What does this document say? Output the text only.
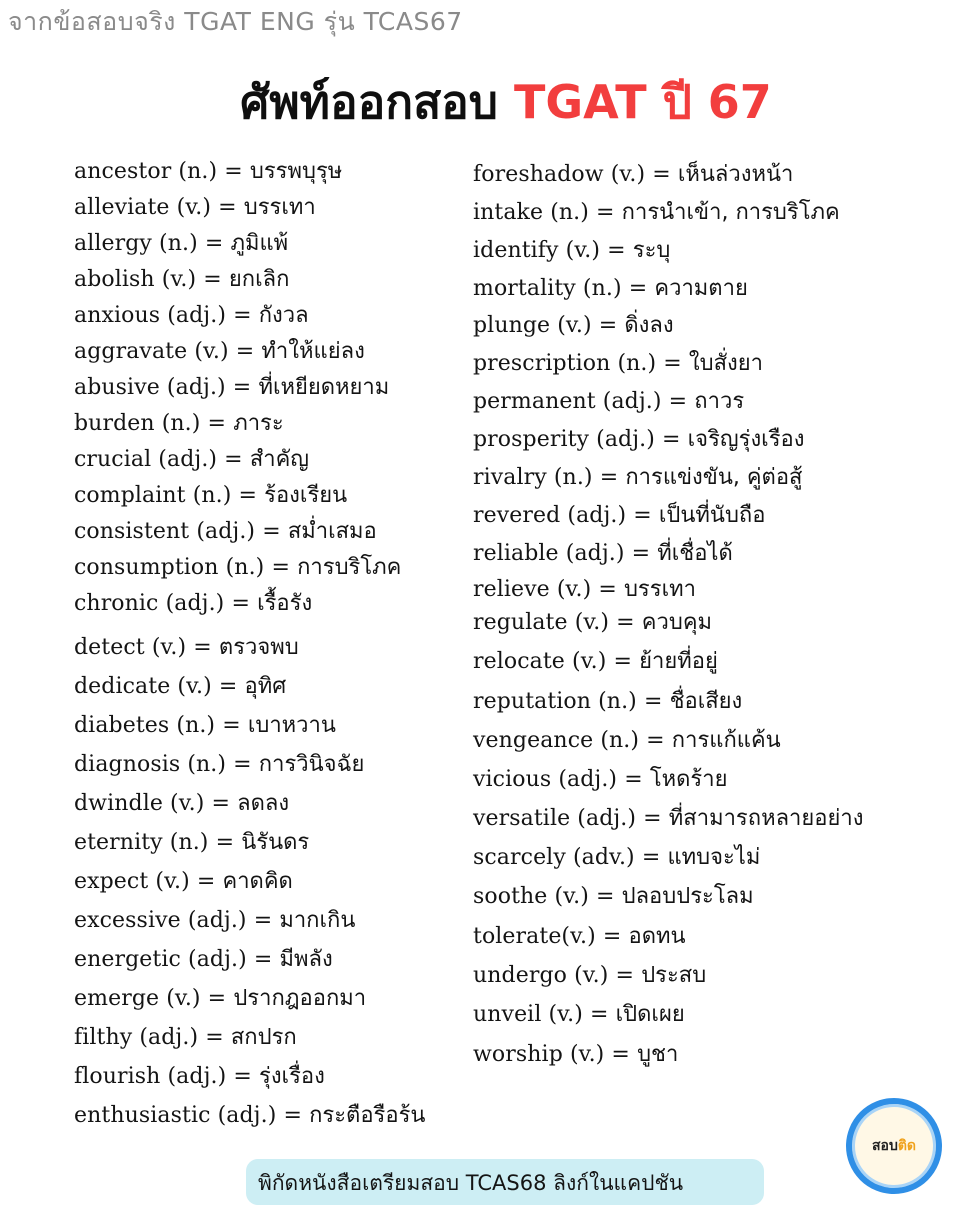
จากข้อสอบจริง TGAT ENG รุ่น TCAS67
ศัพท์ออกสอบ TGAT ปี 67
ancestor (n.) = บรรพบุรุษ
alleviate (v.) = บรรเทา
allergy (n.) = ภูมิแพ้
abolish (v.) = ยกเลิก
anxious (adj.) = กังวล
aggravate (v.) = ทำให้แย่ลง
abusive (adj.) = ที่เหยียดหยาม
burden (n.) = ภาระ
crucial (adj.) = สำคัญ
complaint (n.) = ร้องเรียน
consistent (adj.) = สม่ำเสมอ
consumption (n.) = การบริโภค
chronic (adj.) = เรื้อรัง
detect (v.) = ตรวจพบ
dedicate (v.) = อุทิศ
diabetes (n.) = เบาหวาน
diagnosis (n.) = การวินิจฉัย
dwindle (v.) = ลดลง
eternity (n.) = นิรันดร
expect (v.) = คาดคิด
excessive (adj.) = มากเกิน
energetic (adj.) = มีพลัง
emerge (v.) = ปรากฎออกมา
filthy (adj.) = สกปรก
flourish (adj.) = รุ่งเรื่อง
enthusiastic (adj.) = กระตือรือร้น
foreshadow (v.) = เห็นล่วงหน้า
intake (n.) = การนำเข้า, การบริโภค
identify (v.) = ระบุ
mortality (n.) = ความตาย
plunge (v.) = ดิ่งลง
prescription (n.) = ใบสั่งยา
permanent (adj.) = ถาวร
prosperity (adj.) = เจริญรุ่งเรือง
rivalry (n.) = การแข่งขัน, คู่ต่อสู้
revered (adj.) = เป็นที่นับถือ
reliable (adj.) = ที่เชื่อได้
relieve (v.) = บรรเทา
regulate (v.) = ควบคุม
relocate (v.) = ย้ายที่อยู่
reputation (n.) = ชื่อเสียง
vengeance (n.) = การแก้แค้น
vicious (adj.) = โหดร้าย
versatile (adj.) = ที่สามารถหลายอย่าง
scarcely (adv.) = แทบจะไม่
soothe (v.) = ปลอบประโลม
tolerate(v.) = อดทน
undergo (v.) = ประสบ
unveil (v.) = เปิดเผย
worship (v.) = บูชา
พิกัดหนังสือเตรียมสอบ TCAS68 ลิงก์ในแคปชัน
สอบติด
